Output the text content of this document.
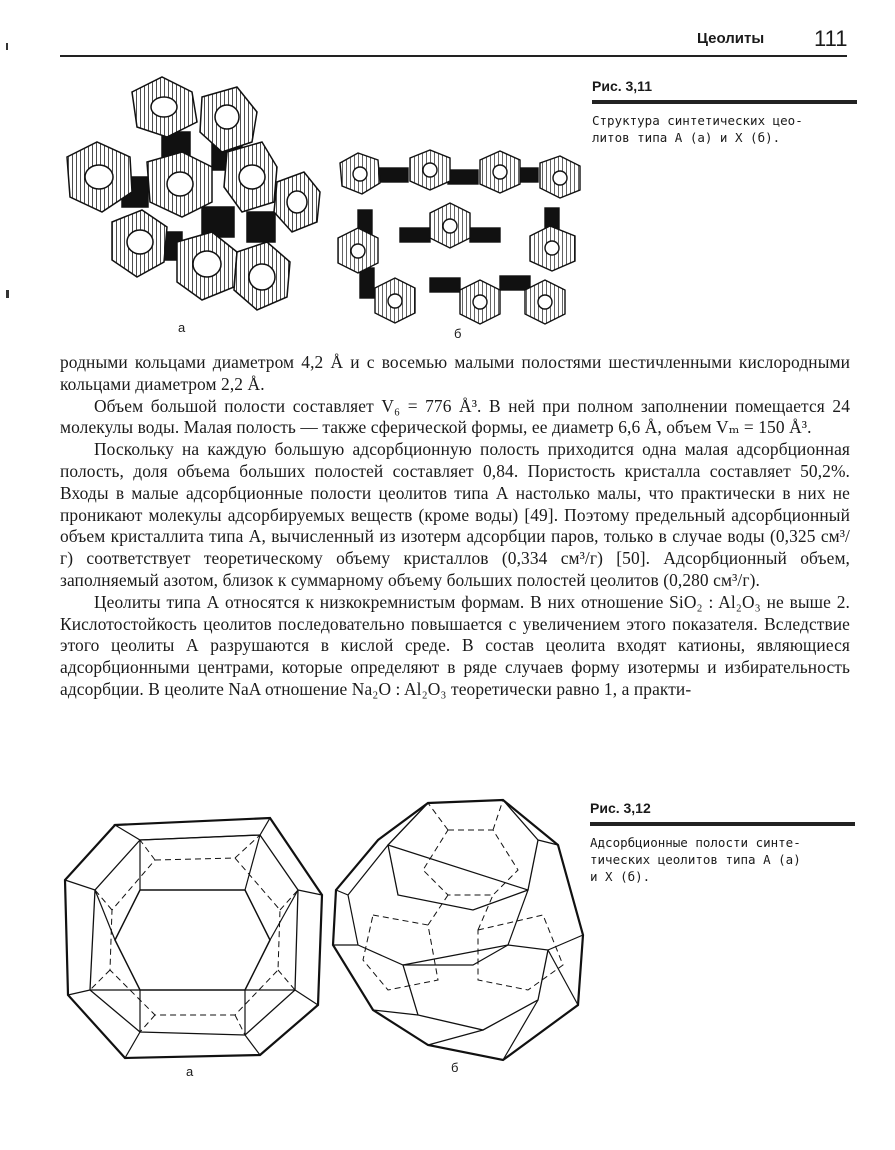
Цеолиты 111
а	б
Рис. 3,11
Структура синтетических цео-
литов типа А (а) и X (б).

родными кольцами диаметром 4,2 Å и с восемью малыми полостями шестичленными кислородными кольцами диаметром 2,2 Å.

Объем большой полости составляет V₆ = 776 Å³. В ней при полном заполнении помещается 24 молекулы воды. Малая полость — также сферической формы, ее диаметр 6,6 Å, объем Vₘ = 150 Å³.

Поскольку на каждую большую адсорбционную полость приходится одна малая адсорбционная полость, доля объема больших полостей составляет 0,84. Пористость кристалла составляет 50,2%. Входы в малые адсорбционные полости цеолитов типа А настолько малы, что практически в них не проникают молекулы адсорбируемых веществ (кроме воды) [49]. Поэтому предельный адсорбционный объем кристаллита типа А, вычисленный из изотерм адсорбции паров, только в случае воды (0,325 см³/г) соответствует теоретическому объему кристаллов (0,334 см³/г) [50]. Адсорбционный объем, заполняемый азотом, близок к суммарному объему больших полостей цеолитов (0,280 см³/г).

Цеолиты типа А относятся к низкокремнистым формам. В них отношение SiO₂ : Al₂O₃ не выше 2. Кислотостойкость цеолитов последовательно повышается с увеличением этого показателя. Вследствие этого цеолиты А разрушаются в кислой среде. В состав цеолита входят катионы, являющиеся адсорбционными центрами, которые определяют в ряде случаев форму изотермы и избирательность адсорбции. В цеолите NaA отношение Na₂O : Al₂O₃ теоретически равно 1, а практи-

а	б
Рис. 3,12
Адсорбционные полости синте-
тических цеолитов типа А (а)
и X (б).
